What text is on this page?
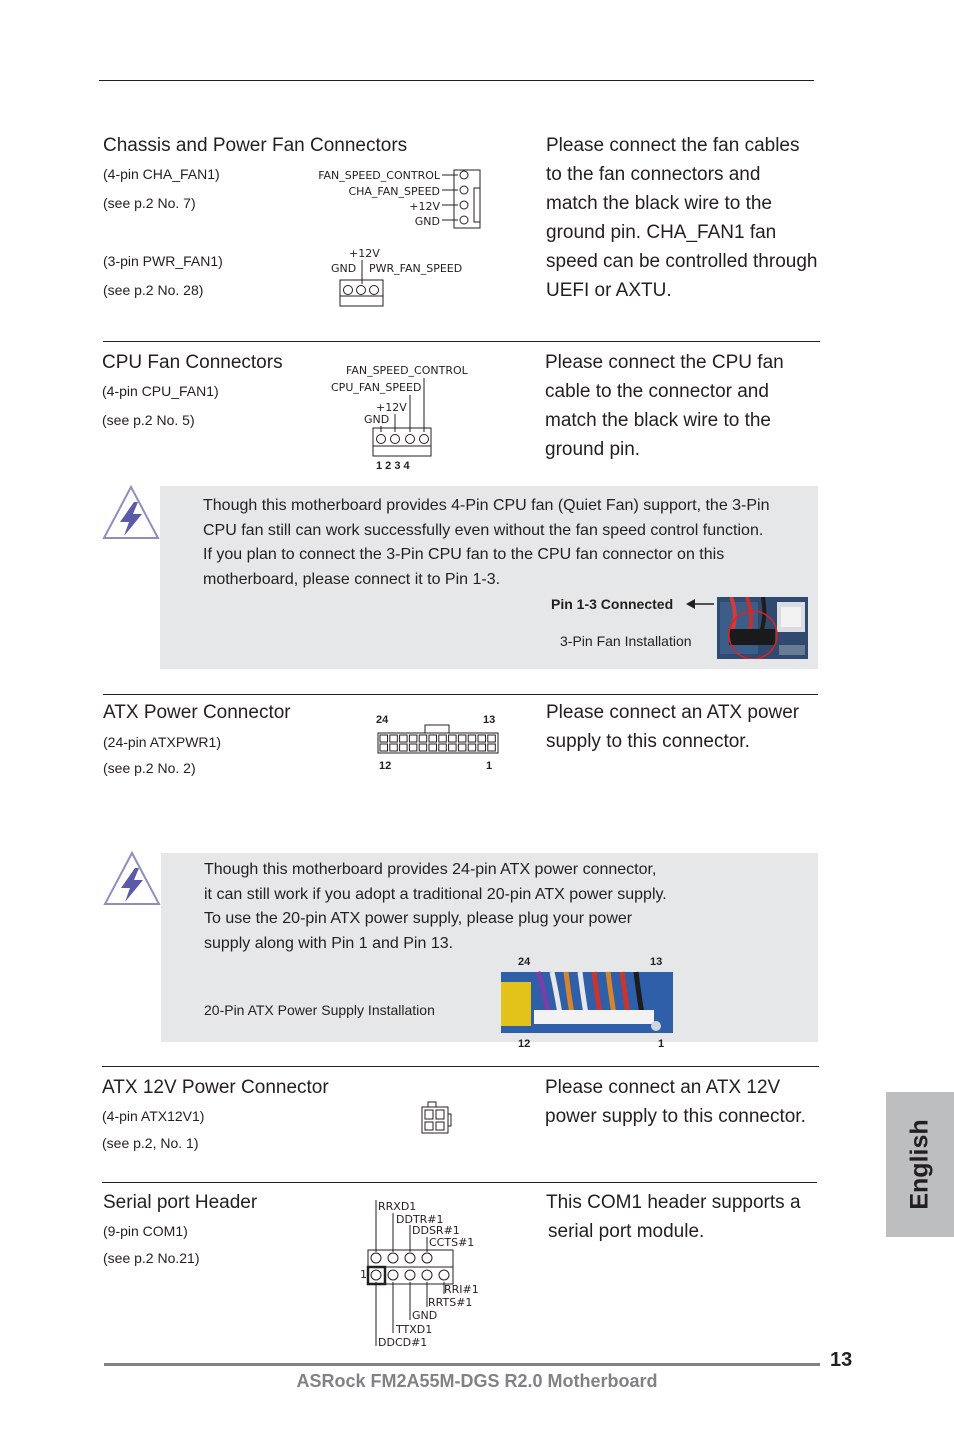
Chassis and Power Fan Connectors
(4-pin CHA_FAN1)
(see p.2 No. 7)
(3-pin PWR_FAN1)
(see p.2 No. 28)
FAN_SPEED_CONTROL
CHA_FAN_SPEED
+12V
GND
+12V
GND PWR_FAN_SPEED
Please connect the fan cables
to the fan connectors and
match the black wire to the
ground pin. CHA_FAN1 fan
speed can be controlled through
UEFI or AXTU.
CPU Fan Connectors
(4-pin CPU_FAN1)
(see p.2 No. 5)
FAN_SPEED_CONTROL
CPU_FAN_SPEED
+12V
GND
1 2 3 4
Please connect the CPU fan
cable to the connector and
match the black wire to the
ground pin.
Though this motherboard provides 4-Pin CPU fan (Quiet Fan) support, the 3-Pin
CPU fan still can work successfully even without the fan speed control function.
If you plan to connect the 3-Pin CPU fan to the CPU fan connector on this
motherboard, please connect it to Pin 1-3.
Pin 1-3 Connected
3-Pin Fan Installation
ATX Power Connector
(24-pin ATXPWR1)
(see p.2 No. 2)
24	13
12	1
Please connect an ATX power
supply to this connector.
Though this motherboard provides 24-pin ATX power connector,
it can still work if you adopt a traditional 20-pin ATX power supply.
To use the 20-pin ATX power supply, please plug your power
supply along with Pin 1 and Pin 13.
20-Pin ATX Power Supply Installation
24	13
12	1
ATX 12V Power Connector
(4-pin ATX12V1)
(see p.2, No. 1)
Please connect an ATX 12V
power supply to this connector.
Serial port Header
(9-pin COM1)
(see p.2 No.21)
RRXD1
DDTR#1
DDSR#1
CCTS#1
1
RRI#1
RRTS#1
GND
TTXD1
DDCD#1
This COM1 header supports a
serial port module.
English
13
ASRock FM2A55M-DGS R2.0 Motherboard
